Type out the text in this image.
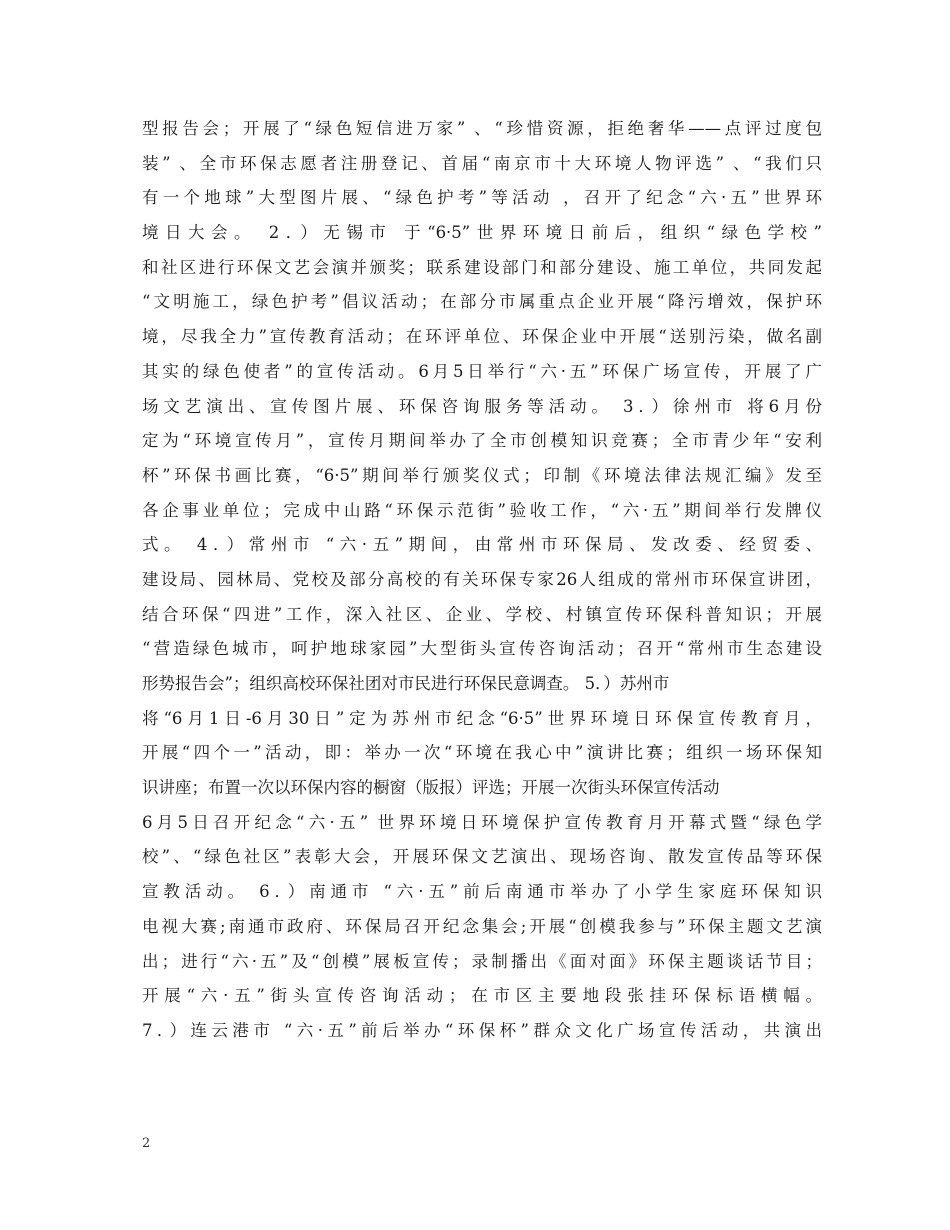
型报告会；开展了“绿色短信进万家” 、“珍惜资源，拒绝奢华——点评过度包
装” 、全市环保志愿者注册登记、首届“南京市十大环境人物评选” 、“我们只
有一个地球”大型图片展、“绿色护考”等活动 ，召开了纪念“六·五”世界环
境日大会。 2．）无锡市 于“6·5”世界环境日前后，组织“绿色学校”
和社区进行环保文艺会演并颁奖；联系建设部门和部分建设、施工单位，共同发起
“文明施工，绿色护考”倡议活动；在部分市属重点企业开展“降污增效，保护环
境，尽我全力”宣传教育活动；在环评单位、环保企业中开展“送别污染，做名副
其实的绿色使者”的宣传活动。6月5日举行“六·五”环保广场宣传，开展了广
场文艺演出、宣传图片展、环保咨询服务等活动。 3．）徐州市 将6月份
定为“环境宣传月”，宣传月期间举办了全市创模知识竞赛；全市青少年“安利
杯”环保书画比赛，“6·5”期间举行颁奖仪式；印制《环境法律法规汇编》发至
各企事业单位；完成中山路“环保示范街”验收工作，“六·五”期间举行发牌仪
式。 4．）常州市 “六·五”期间，由常州市环保局、发改委、经贸委、
建设局、园林局、党校及部分高校的有关环保专家26人组成的常州市环保宣讲团，
结合环保“四进”工作，深入社区、企业、学校、村镇宣传环保科普知识；开展
“营造绿色城市，呵护地球家园”大型街头宣传咨询活动；召开“常州市生态建设
形势报告会”；组织高校环保社团对市民进行环保民意调查。 5．）苏州市
将“6月1日-6月30日”定为苏州市纪念“6·5”世界环境日环保宣传教育月，
开展“四个一”活动，即：举办一次“环境在我心中”演讲比赛；组织一场环保知
识讲座；布置一次以环保内容的橱窗（版报）评选；开展一次街头环保宣传活动
6月5日召开纪念“六·五” 世界环境日环境保护宣传教育月开幕式暨“绿色学
校”、“绿色社区”表彰大会，开展环保文艺演出、现场咨询、散发宣传品等环保
宣教活动。 6．）南通市 “六·五”前后南通市举办了小学生家庭环保知识
电视大赛;南通市政府、环保局召开纪念集会;开展“创模我参与”环保主题文艺演
出；进行“六·五”及“创模”展板宣传；录制播出《面对面》环保主题谈话节目；
开展“六·五”街头宣传咨询活动；在市区主要地段张挂环保标语横幅。
7．）连云港市 “六·五”前后举办“环保杯”群众文化广场宣传活动，共演出
2
